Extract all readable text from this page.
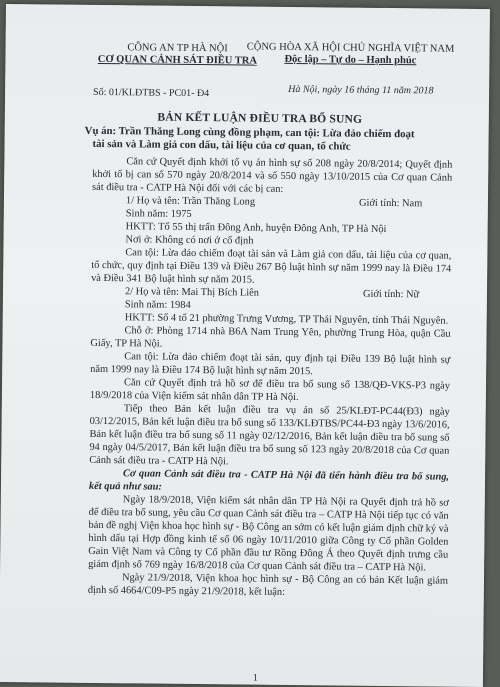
CÔNG AN TP HÀ NỘI
CƠ QUAN CẢNH SÁT ĐIỀU TRA
CỘNG HÒA XÃ HỘI CHỦ NGHĨA VIỆT NAM
Độc lập – Tự do – Hạnh phúc
Số: 01/KLĐTBS - PC01- Đ4	Hà Nội, ngày 16 tháng 11 năm 2018
BẢN KẾT LUẬN ĐIỀU TRA BỔ SUNG
Vụ án: Trần Thăng Long cùng đồng phạm, can tội: Lừa đảo chiếm đoạt
tài sản và Làm giả con dấu, tài liệu của cơ quan, tổ chức

Căn cứ Quyết định khởi tố vụ án hình sự số 208 ngày 20/8/2014; Quyết định khởi tố bị can số 570 ngày 20/8/2014 và số 550 ngày 13/10/2015 của Cơ quan Cảnh sát điều tra - CATP Hà Nội đối với các bị can:

1/ Họ và tên: Trần Thăng Long	Giới tính: Nam

Sinh năm: 1975

HKTT: Tổ 55 thị trấn Đông Anh, huyện Đông Anh, TP Hà Nội

Nơi ở: Không có nơi ở cố định

Can tội: Lừa đảo chiếm đoạt tài sản và Làm giả con dấu, tài liệu của cơ quan, tổ chức, quy định tại Điều 139 và Điều 267 Bộ luật hình sự năm 1999 nay là Điều 174 và Điều 341 Bộ luật hình sự năm 2015.

2/ Họ và tên: Mai Thị Bích Liên	Giới tính: Nữ

Sinh năm: 1984

HKTT: Số 4 tổ 21 phường Trưng Vương, TP Thái Nguyên, tỉnh Thái Nguyên.

Chỗ ở: Phòng 1714 nhà B6A Nam Trung Yên, phường Trung Hòa, quận Cầu Giấy, TP Hà Nội.

Can tội: Lừa đảo chiếm đoạt tài sản, quy định tại Điều 139 Bộ luật hình sự năm 1999 nay là Điều 174 Bộ luật hình sự năm 2015.

Căn cứ Quyết định trả hồ sơ để điều tra bổ sung số 138/QĐ-VKS-P3 ngày 18/9/2018 của Viện kiểm sát nhân dân TP Hà Nội.

Tiếp theo Bản kết luận điều tra vụ án số 25/KLĐT-PC44(Đ3) ngày 03/12/2015, Bản kết luận điều tra bổ sung số 133/KLĐTBS/PC44-Đ3 ngày 13/6/2016, Bản kết luận điều tra bổ sung số 11 ngày 02/12/2016, Bản kết luận điều tra bổ sung số 94 ngày 04/5/2017, Bản kết luận điều tra bổ sung số 123 ngày 20/8/2018 của Cơ quan Cảnh sát điều tra - CATP Hà Nội.

Cơ quan Cảnh sát điều tra - CATP Hà Nội đã tiến hành điều tra bổ sung, kết quả như sau:

Ngày 18/9/2018, Viện kiểm sát nhân dân TP Hà Nội ra Quyết định trả hồ sơ để điều tra bổ sung, yêu cầu Cơ quan Cảnh sát điều tra – CATP Hà Nội tiếp tục có văn bản đề nghị Viện khoa học hình sự - Bộ Công an sớm có kết luận giám định chữ ký và hình dấu tại Hợp đồng kinh tế số 06 ngày 10/11/2010 giữa Công ty Cổ phần Golden Gain Việt Nam và Công ty Cổ phần đầu tư Rồng Đông Á theo Quyết định trưng cầu giám định số 769 ngày 16/8/2018 của Cơ quan Cảnh sát điều tra – CATP Hà Nội.

Ngày 21/9/2018, Viện khoa học hình sự - Bộ Công an có bản Kết luận giám định số 4664/C09-P5 ngày 21/9/2018, kết luận:

1
